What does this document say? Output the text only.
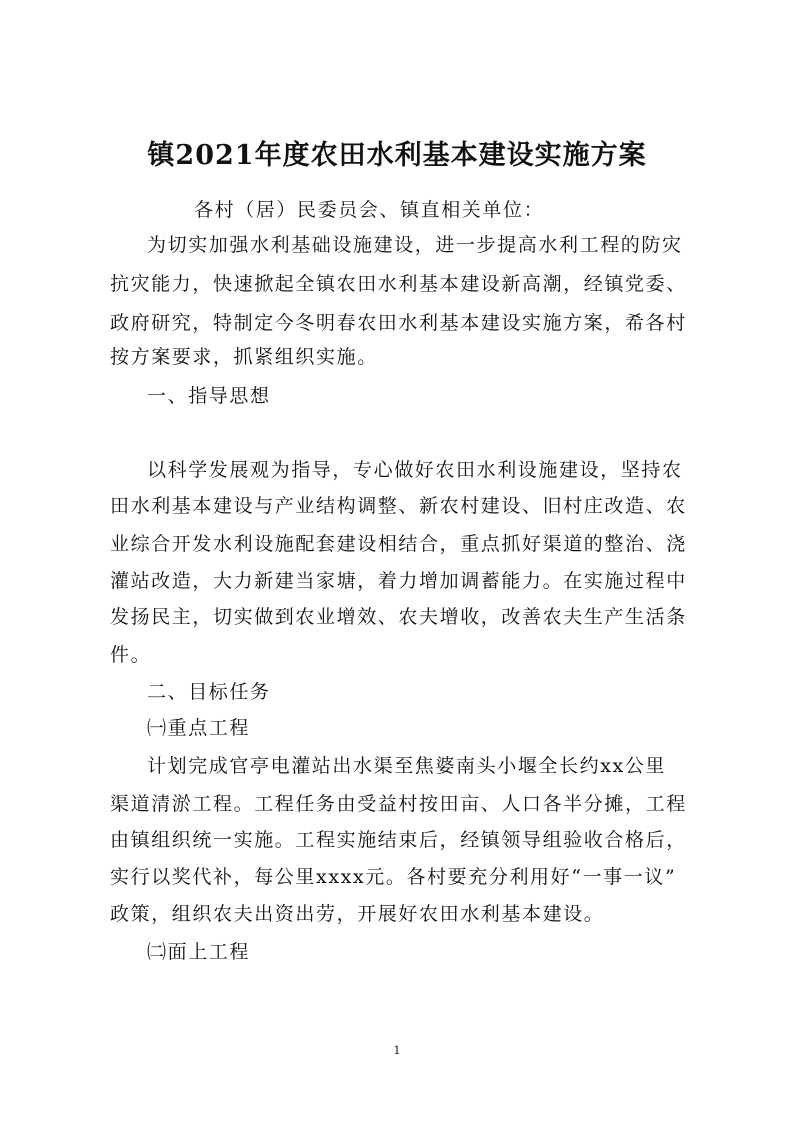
镇2021年度农田水利基本建设实施方案
各村（居）民委员会、镇直相关单位：
为切实加强水利基础设施建设，进一步提高水利工程的防灾
抗灾能力，快速掀起全镇农田水利基本建设新高潮，经镇党委、
政府研究，特制定今冬明春农田水利基本建设实施方案，希各村
按方案要求，抓紧组织实施。
一、指导思想
以科学发展观为指导，专心做好农田水利设施建设，坚持农
田水利基本建设与产业结构调整、新农村建设、旧村庄改造、农
业综合开发水利设施配套建设相结合，重点抓好渠道的整治、浇
灌站改造，大力新建当家塘，着力增加调蓄能力。在实施过程中
发扬民主，切实做到农业增效、农夫增收，改善农夫生产生活条
件。
二、目标任务
㈠重点工程
计划完成官亭电灌站出水渠至焦婆南头小堰全长约xx公里
渠道清淤工程。工程任务由受益村按田亩、人口各半分摊，工程
由镇组织统一实施。工程实施结束后，经镇领导组验收合格后，
实行以奖代补，每公里xxxx元。各村要充分利用好“一事一议”
政策，组织农夫出资出劳，开展好农田水利基本建设。
㈡面上工程
1
